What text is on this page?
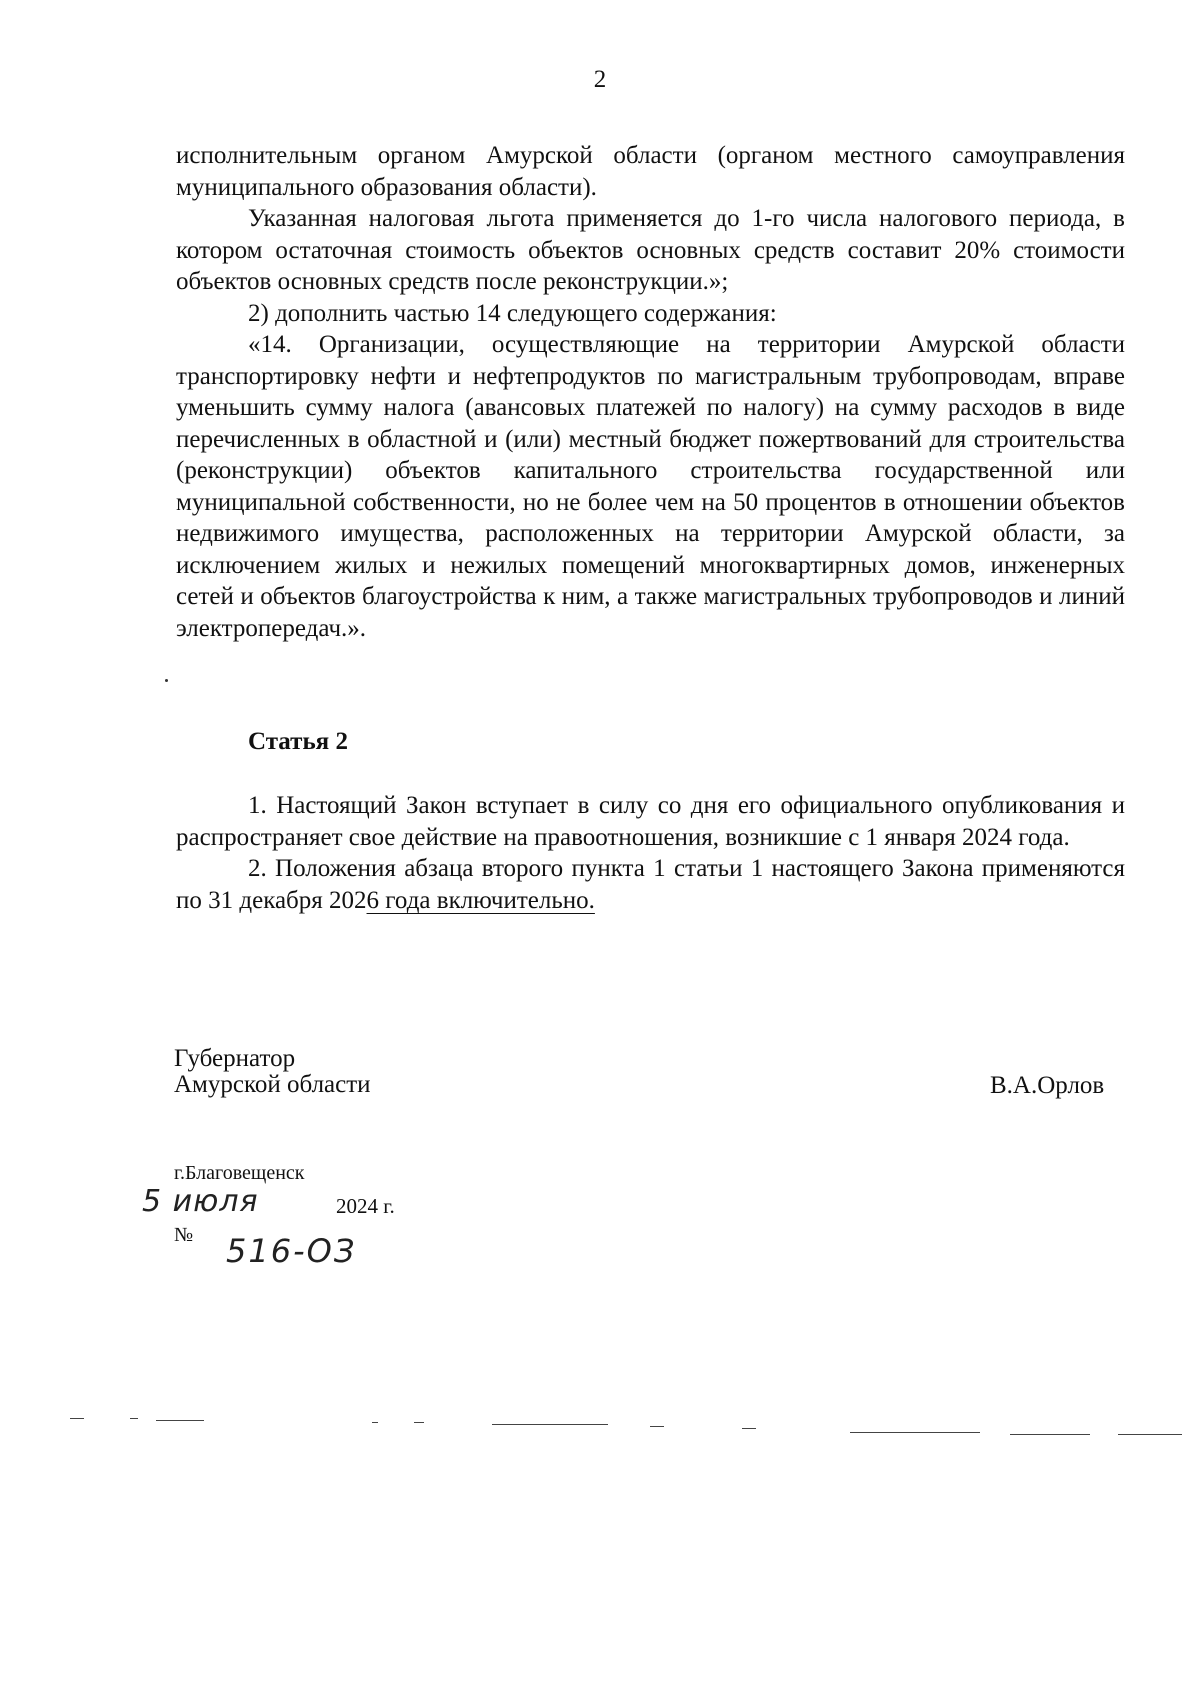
2

исполнительным органом Амурской области (органом местного самоуправления муниципального образования области).

Указанная налоговая льгота применяется до 1-го числа налогового периода, в котором остаточная стоимость объектов основных средств составит 20% стоимости объектов основных средств после реконструкции.»;

2) дополнить частью 14 следующего содержания:

«14. Организации, осуществляющие на территории Амурской области транспортировку нефти и нефтепродуктов по магистральным трубопроводам, вправе уменьшить сумму налога (авансовых платежей по налогу) на сумму расходов в виде перечисленных в областной и (или) местный бюджет пожертвований для строительства (реконструкции) объектов капитального строительства государственной или муниципальной собственности, но не более чем на 50 процентов в отношении объектов недвижимого имущества, расположенных на территории Амурской области, за исключением жилых и нежилых помещений многоквартирных домов, инженерных сетей и объектов благоустройства к ним, а также магистральных трубопроводов и линий электропередач.».

Статья 2

1. Настоящий Закон вступает в силу со дня его официального опубликования и распространяет свое действие на правоотношения, возникшие с 1 января 2024 года.

2. Положения абзаца второго пункта 1 статьи 1 настоящего Закона применяются по 31 декабря 2026 года включительно.

Губернатор
Амурской области	В.А.Орлов
г.Благовещенск
5 июля	2024 г.
№ 516-ОЗ
